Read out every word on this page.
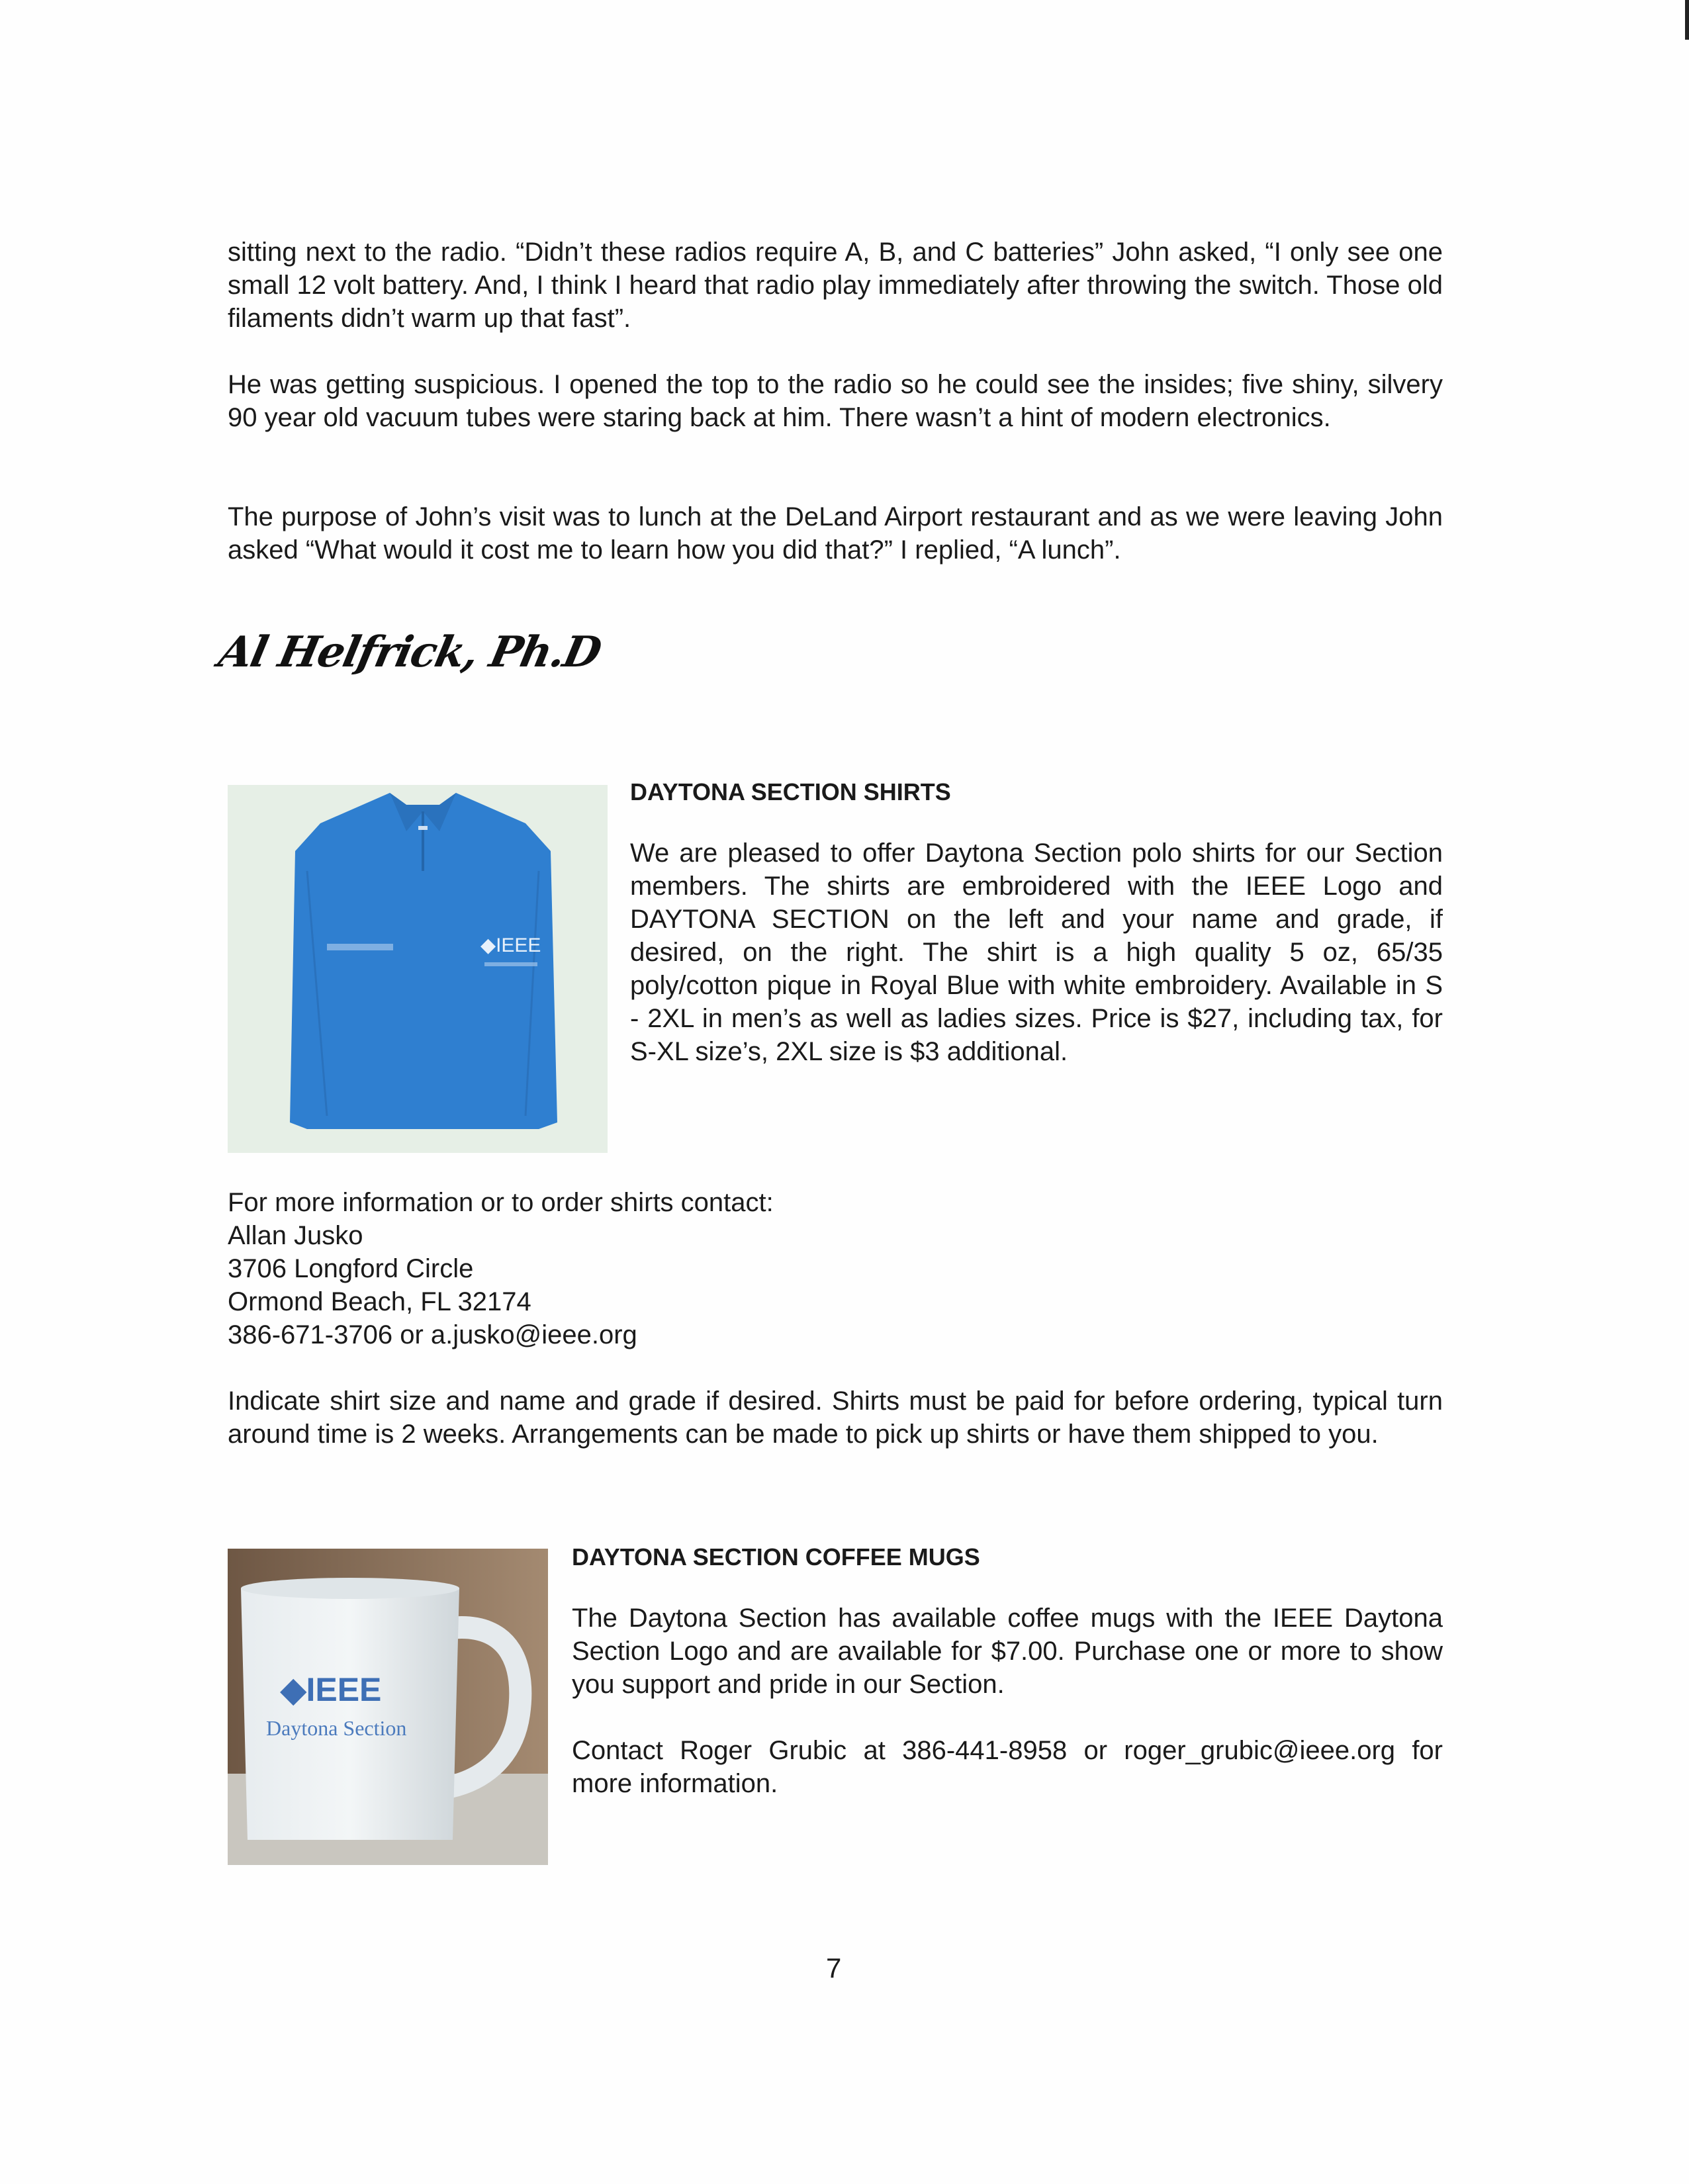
sitting next to the radio. “Didn’t these radios require A, B, and C batteries” John asked, “I only see one small 12 volt battery. And, I think I heard that radio play immediately after throwing the switch. Those old filaments didn’t warm up that fast”.

He was getting suspicious. I opened the top to the radio so he could see the insides; five shiny, silvery 90 year old vacuum tubes were staring back at him. There wasn’t a hint of modern electronics.

The purpose of John’s visit was to lunch at the DeLand Airport restaurant and as we were leaving John asked “What would it cost me to learn how you did that?” I replied, “A lunch”.

Al Helfrick, Ph.D
◆IEEE
DAYTONA SECTION SHIRTS

We are pleased to offer Daytona Section polo shirts for our Section members. The shirts are embroidered with the IEEE Logo and DAYTONA SECTION on the left and your name and grade, if desired, on the right. The shirt is a high quality 5 oz, 65/35 poly/cotton pique in Royal Blue with white embroidery. Available in S - 2XL in men’s as well as ladies sizes. Price is $27, including tax, for S-XL size’s, 2XL size is $3 additional.

For more information or to order shirts contact:
Allan Jusko
3706 Longford Circle
Ormond Beach, FL 32174
386-671-3706 or a.jusko@ieee.org

Indicate shirt size and name and grade if desired. Shirts must be paid for before ordering, typical turn around time is 2 weeks. Arrangements can be made to pick up shirts or have them shipped to you.

◆IEEE
Daytona Section
DAYTONA SECTION COFFEE MUGS

The Daytona Section has available coffee mugs with the IEEE Daytona Section Logo and are available for $7.00. Purchase one or more to show you support and pride in our Section.

Contact Roger Grubic at 386-441-8958 or roger_grubic@ieee.org for more information.

7
